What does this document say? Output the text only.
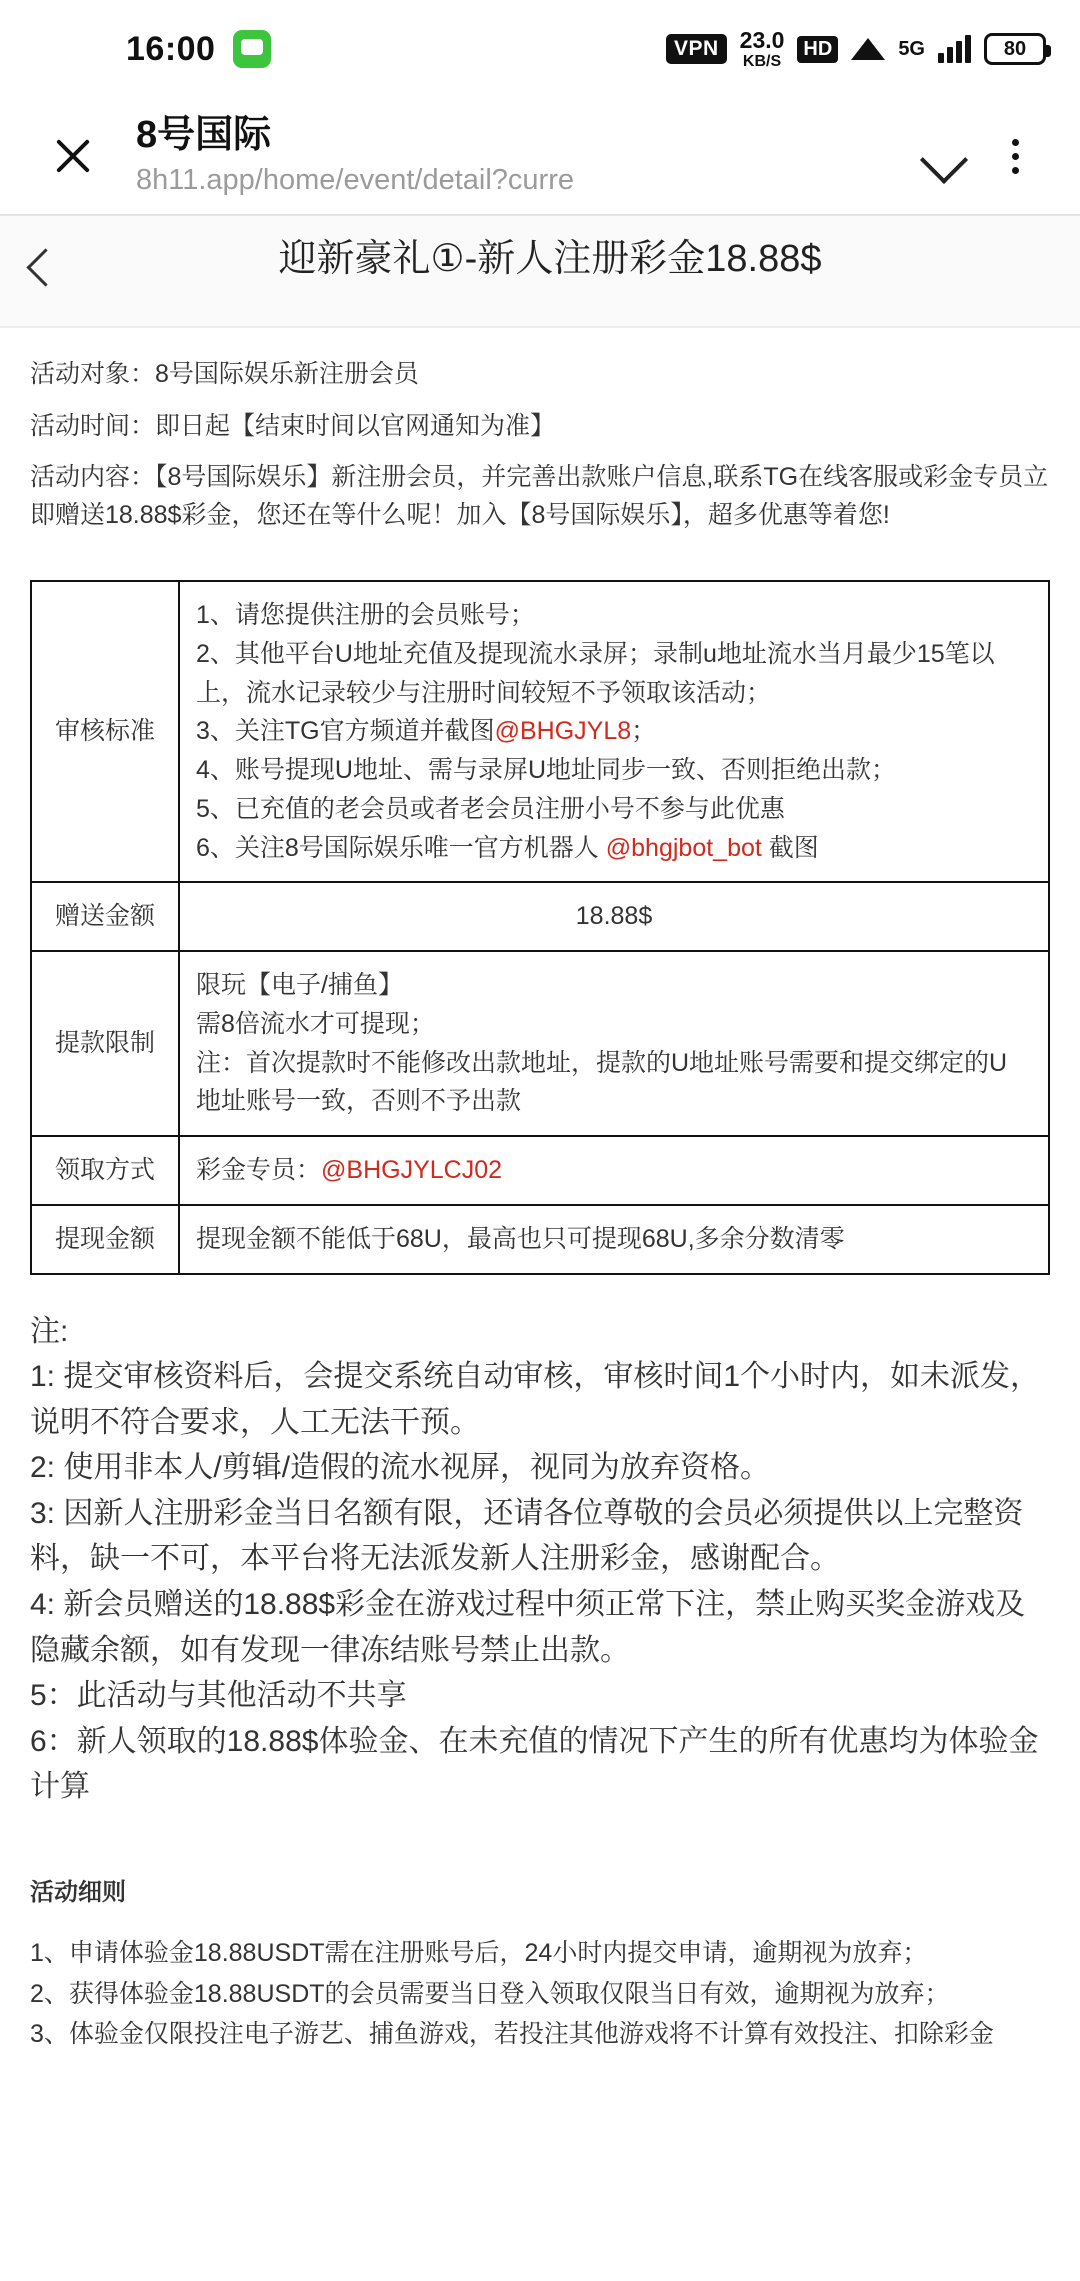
16:00	VPN 23.0
KB/S
HD	5G	80
8号国际
8h11.app/home/event/detail?curre
迎新豪礼①-新人注册彩金18.88$

活动对象：8号国际娱乐新注册会员

活动时间：即日起【结束时间以官网通知为准】

活动内容：【8号国际娱乐】新注册会员，并完善出款账户信息,联系TG在线客服或彩金专员立即赠送18.88$彩金，您还在等什么呢！加入【8号国际娱乐】，超多优惠等着您!

审核标准	
1、请您提供注册的会员账号；
2、其他平台U地址充值及提现流水录屏；录制u地址流水当月最少15笔以上，流水记录较少与注册时间较短不予领取该活动；
3、关注TG官方频道并截图@BHGJYL8；
4、账号提现U地址、需与录屏U地址同步一致、否则拒绝出款；
5、已充值的老会员或者老会员注册小号不参与此优惠
6、关注8号国际娱乐唯一官方机器人 @bhgjbot_bot 截图

赠送金额	18.88$
提款限制	
限玩【电子/捕鱼】
需8倍流水才可提现；
注：首次提款时不能修改出款地址，提款的U地址账号需要和提交绑定的U地址账号一致，否则不予出款

领取方式	彩金专员：@BHGJYLCJ02
提现金额	提现金额不能低于68U，最高也只可提现68U,多余分数清零

注:

1: 提交审核资料后，会提交系统自动审核，审核时间1个小时内，如未派发，说明不符合要求，人工无法干预。

2: 使用非本人/剪辑/造假的流水视屏，视同为放弃资格。

3: 因新人注册彩金当日名额有限，还请各位尊敬的会员必须提供以上完整资料，缺一不可，本平台将无法派发新人注册彩金，感谢配合。

4: 新会员赠送的18.88$彩金在游戏过程中须正常下注，禁止购买奖金游戏及隐藏余额，如有发现一律冻结账号禁止出款。

5：此活动与其他活动不共享

6：新人领取的18.88$体验金、在未充值的情况下产生的所有优惠均为体验金计算

活动细则

1、申请体验金18.88USDT需在注册账号后，24小时内提交申请，逾期视为放弃；

2、获得体验金18.88USDT的会员需要当日登入领取仅限当日有效，逾期视为放弃；

3、体验金仅限投注电子游艺、捕鱼游戏，若投注其他游戏将不计算有效投注、扣除彩金
